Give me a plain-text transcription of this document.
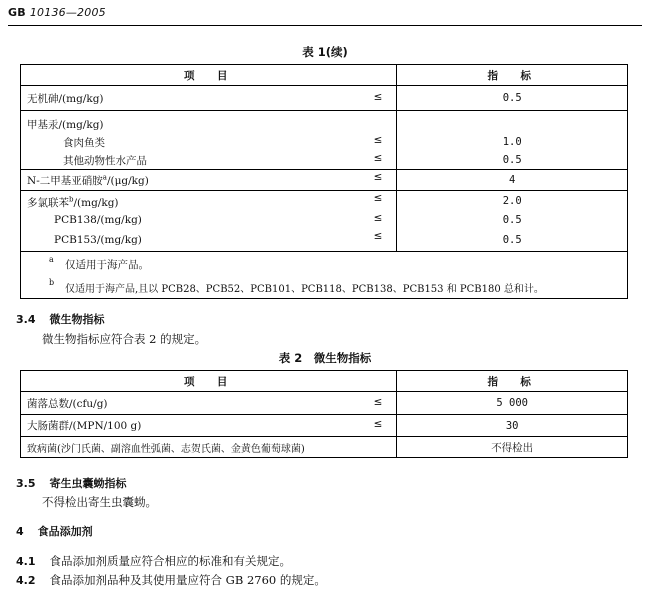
GB 10136—2005
表 1(续)
项　目	指　标
无机砷/(mg/kg) ≤	0.5
甲基汞/(mg/kg)	
食肉鱼类 ≤	1.0
其他动物性水产品 ≤	0.5
N-二甲基亚硝胺$^a$/(μg/kg) ≤	4
多氯联苯$^b$/(mg/kg) ≤	2.0
PCB138/(mg/kg) ≤	0.5
PCB153/(mg/kg) ≤	0.5

a 仅适用于海产品。	

b
仅适用于海产品,且以 PCB28、PCB52、PCB101、PCB118、PCB138、PCB153 和 PCB180 总和计。	
3.4 微生物指标
微生物指标应符合表 2 的规定。
表 2　微生物指标
项　目	指　标
菌落总数/(cfu/g) ≤	5 000
大肠菌群/(MPN/100 g) ≤	30
致病菌(沙门氏菌、副溶血性弧菌、志贺氏菌、金黄色葡萄球菌)	不得检出
3.5 寄生虫囊蚴指标
不得检出寄生虫囊蚴。
4 食品添加剂
4.1 食品添加剂质量应符合相应的标准和有关规定。
4.2 食品添加剂品种及其使用量应符合 GB 2760 的规定。
